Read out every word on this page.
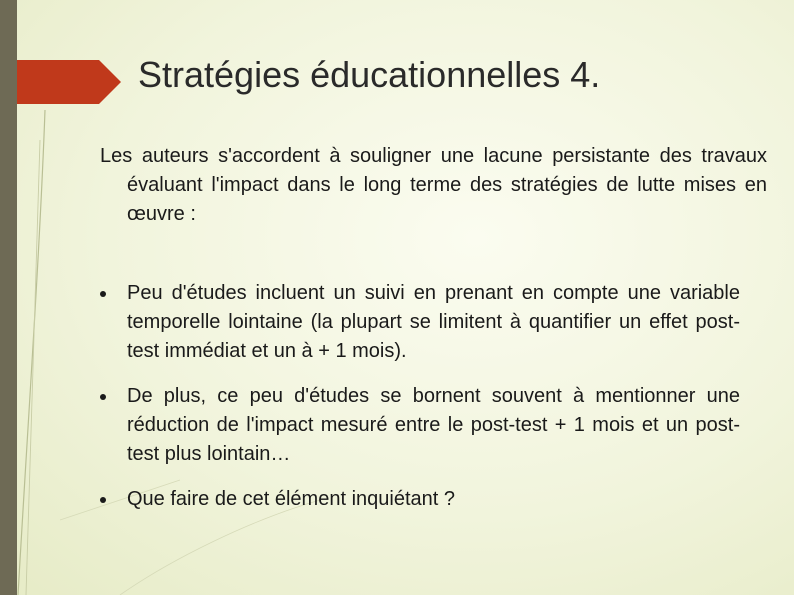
Stratégies éducationnelles 4.

Les auteurs s'accordent à souligner une lacune persistante des travaux évaluant l'impact dans le long terme des stratégies de lutte mises en œuvre :

Peu d'études incluent un suivi en prenant en compte une variable temporelle lointaine (la plupart se limitent à quantifier un effet post-test immédiat et un à + 1 mois).
De plus, ce peu d'études se bornent souvent à mentionner une réduction de l'impact mesuré entre le post-test + 1 mois et un post-test plus lointain…
Que faire de cet élément inquiétant ?
